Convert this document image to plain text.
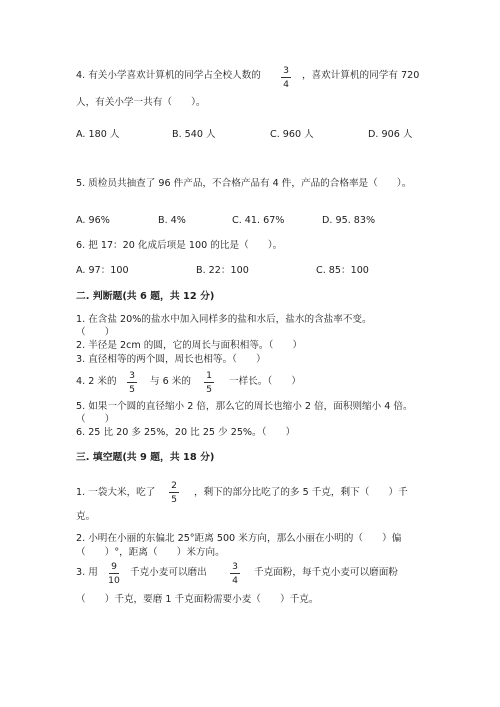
4. 有关小学喜欢计算机的同学占全校人数的	3
4
，喜欢计算机的同学有 720
人，有关小学一共有（　　）。
A. 180 人	B. 540 人	C. 960 人	D. 906 人
5. 质检员共抽查了 96 件产品，不合格产品有 4 件，产品的合格率是（　　）。
A. 96%	B. 4%	C. 41. 67%	D. 95. 83%
6. 把 17：20 化成后项是 100 的比是（　　）。
A. 97：100	B. 22：100	C. 85：100
二. 判断题(共 6 题，共 12 分)
1. 在含盐 20%的盐水中加入同样多的盐和水后，盐水的含盐率不变。
（　　）
2. 半径是 2cm 的圆，它的周长与面积相等。（　　）
3. 直径相等的两个圆，周长也相等。（　　）
4. 2 米的
3
5
与 6 米的
1
5
一样长。（　　）
5. 如果一个圆的直径缩小 2 倍，那么它的周长也缩小 2 倍，面积则缩小 4 倍。
（　　）
6. 25 比 20 多 25%，20 比 25 少 25%。（　　）
三. 填空题(共 9 题，共 18 分)
1. 一袋大米，吃了
2
5
，剩下的部分比吃了的多 5 千克，剩下（　　）千
克。
2. 小明在小丽的东偏北 25°距离 500 米方向，那么小丽在小明的（　　）偏
（　　）°，距离（　　）米方向。
3. 用
9
10
千克小麦可以磨出
3
4
千克面粉，每千克小麦可以磨面粉
（　　）千克，要磨 1 千克面粉需要小麦（　　）千克。
